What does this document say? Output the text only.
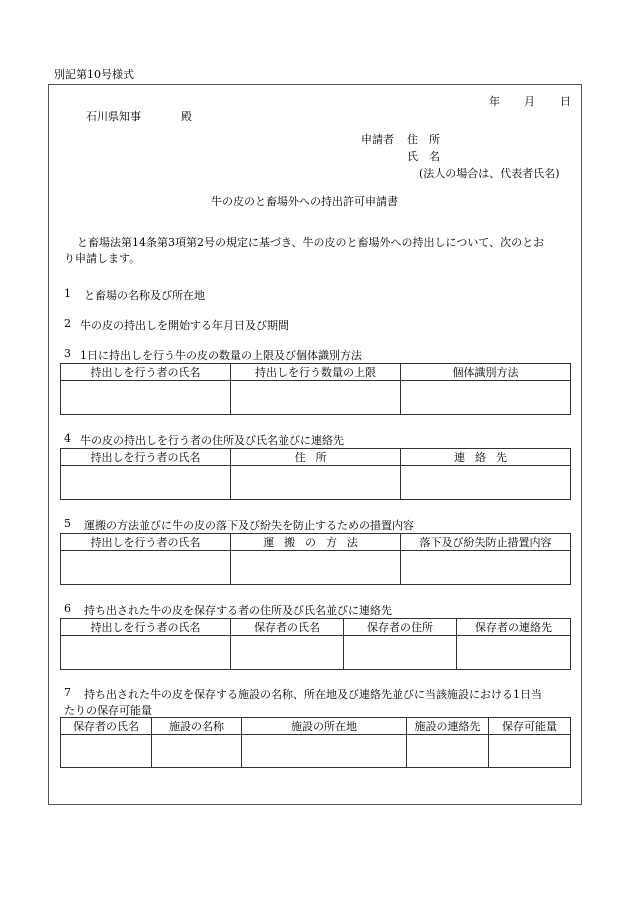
別記第10号様式
年 月 日
石川県知事	殿
申請者 住　所
氏　名
(法人の場合は、代表者氏名)
牛の皮のと畜場外への持出許可申請書
と畜場法第14条第3項第2号の規定に基づき、牛の皮のと畜場外への持出しについて、次のとお
り申請します。
1 と畜場の名称及び所在地
2 牛の皮の持出しを開始する年月日及び期間
3 1日に持出しを行う牛の皮の数量の上限及び個体識別方法
持出しを行う者の氏名	持出しを行う数量の上限	個体識別方法

4 牛の皮の持出しを行う者の住所及び氏名並びに連絡先
持出しを行う者の氏名	住所	連絡先

5 運搬の方法並びに牛の皮の落下及び紛失を防止するための措置内容
持出しを行う者の氏名	運搬の方法	落下及び紛失防止措置内容

6 持ち出された牛の皮を保存する者の住所及び氏名並びに連絡先
持出しを行う者の氏名	保存者の氏名	保存者の住所	保存者の連絡先

7 持ち出された牛の皮を保存する施設の名称、所在地及び連絡先並びに当該施設における1日当
たりの保存可能量
保存者の氏名	施設の名称	施設の所在地	施設の連絡先	保存可能量
